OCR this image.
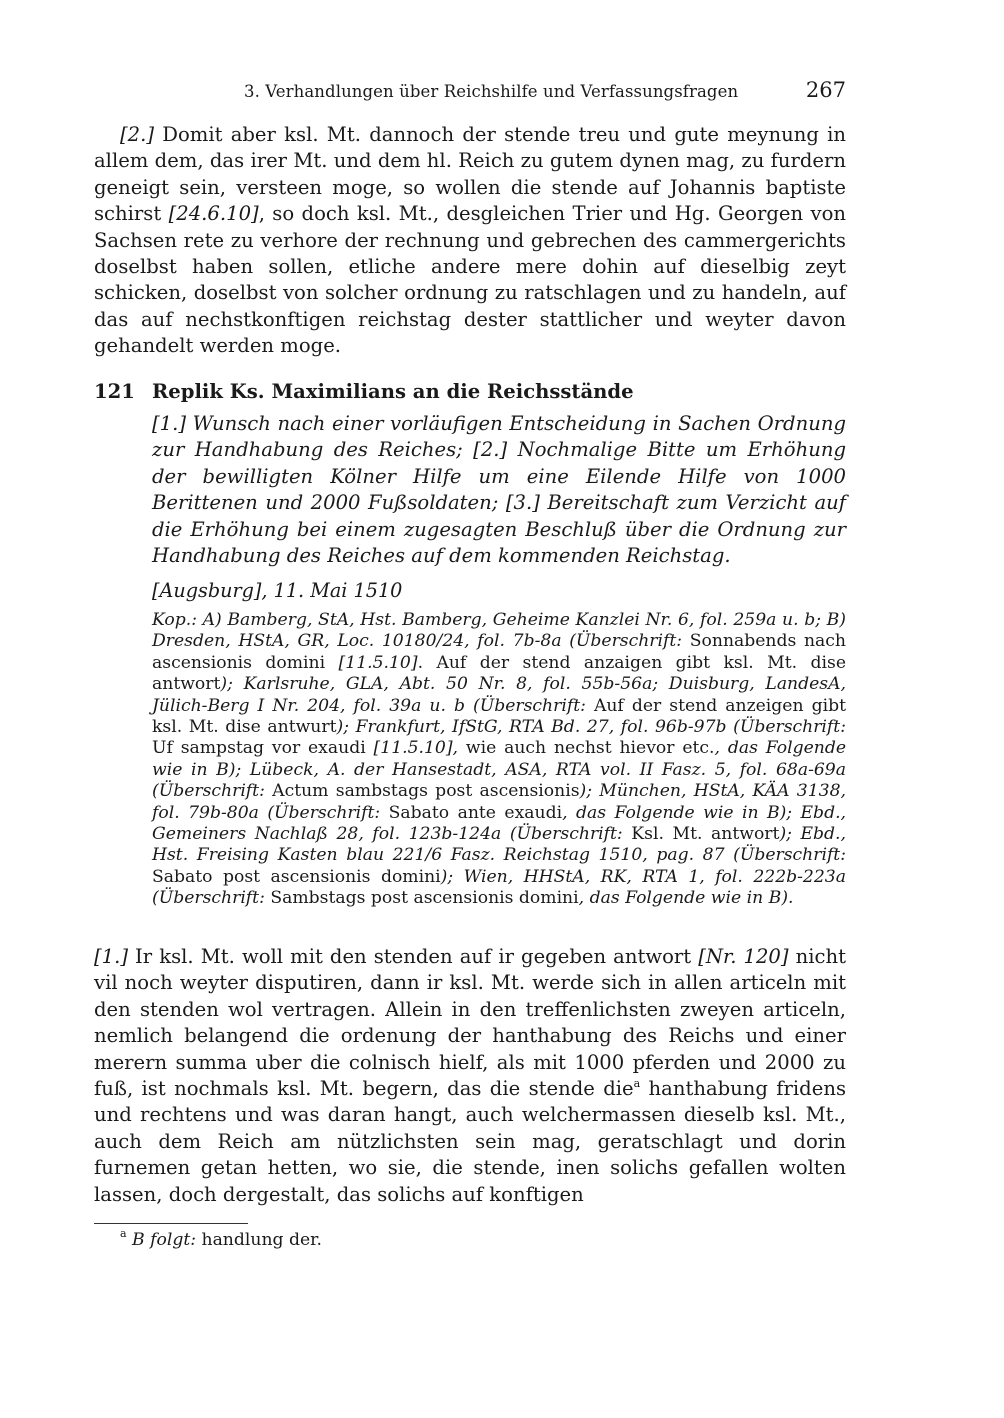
3. Verhandlungen über Reichshilfe und Verfassungsfragen	267

[2.] Domit aber ksl. Mt. dannoch der stende treu und gute meynung in allem dem, das irer Mt. und dem hl. Reich zu gutem dynen mag, zu furdern geneigt sein, versteen moge, so wollen die stende auf Johannis baptiste schirst [24.6.10], so doch ksl. Mt., desgleichen Trier und Hg. Georgen von Sachsen rete zu verhore der rechnung und gebrechen des cammergerichts doselbst haben sollen, etliche andere mere dohin auf dieselbig zeyt schicken, doselbst von solcher ordnung zu ratschlagen und zu handeln, auf das auf nechstkonftigen reichstag dester stattlicher und weyter davon gehandelt werden moge.

121 Replik Ks. Maximilians an die Reichsstände
[1.] Wunsch nach einer vorläufigen Entscheidung in Sachen Ordnung zur Handhabung des Reiches; [2.] Nochmalige Bitte um Erhöhung der bewilligten Kölner Hilfe um eine Eilende Hilfe von 1000 Berittenen und 2000 Fußsoldaten; [3.] Bereitschaft zum Verzicht auf die Erhöhung bei einem zugesagten Beschluß über die Ordnung zur Handhabung des Reiches auf dem kommenden Reichstag.
[Augsburg], 11. Mai 1510
Kop.: A) Bamberg, StA, Hst. Bamberg, Geheime Kanzlei Nr. 6, fol. 259a u. b; B) Dresden, HStA, GR, Loc. 10180/24, fol. 7b-8a (Überschrift: Sonnabends nach ascensionis domini [11.5.10]. Auf der stend anzaigen gibt ksl. Mt. dise antwort); Karlsruhe, GLA, Abt. 50 Nr. 8, fol. 55b-56a; Duisburg, LandesA, Jülich-Berg I Nr. 204, fol. 39a u. b (Überschrift: Auf der stend anzeigen gibt ksl. Mt. dise antwurt); Frankfurt, IfStG, RTA Bd. 27, fol. 96b-97b (Überschrift: Uf sampstag vor exaudi [11.5.10], wie auch nechst hievor etc., das Folgende wie in B); Lübeck, A. der Hansestadt, ASA, RTA vol. II Fasz. 5, fol. 68a-69a (Überschrift: Actum sambstags post ascensionis); München, HStA, KÄA 3138, fol. 79b-80a (Überschrift: Sabato ante exaudi, das Folgende wie in B); Ebd., Gemeiners Nachlaß 28, fol. 123b-124a (Überschrift: Ksl. Mt. antwort); Ebd., Hst. Freising Kasten blau 221/6 Fasz. Reichstag 1510, pag. 87 (Überschrift: Sabato post ascensionis domini); Wien, HHStA, RK, RTA 1, fol. 222b-223a (Überschrift: Sambstags post ascensionis domini, das Folgende wie in B).

[1.] Ir ksl. Mt. woll mit den stenden auf ir gegeben antwort [Nr. 120] nicht vil noch weyter disputiren, dann ir ksl. Mt. werde sich in allen articeln mit den stenden wol vertragen. Allein in den treffenlichsten zweyen articeln, nemlich belangend die ordenung der hanthabung des Reichs und einer merern summa uber die colnisch hielf, als mit 1000 pferden und 2000 zu fuß, ist nochmals ksl. Mt. begern, das die stende die$^a$ hanthabung fridens und rechtens und was daran hangt, auch welchermassen dieselb ksl. Mt., auch dem Reich am nützlichsten sein mag, geratschlagt und dorin furnemen getan hetten, wo sie, die stende, inen solichs gefallen wolten lassen, doch dergestalt, das solichs auf konftigen

$^a$ B folgt: handlung der.
